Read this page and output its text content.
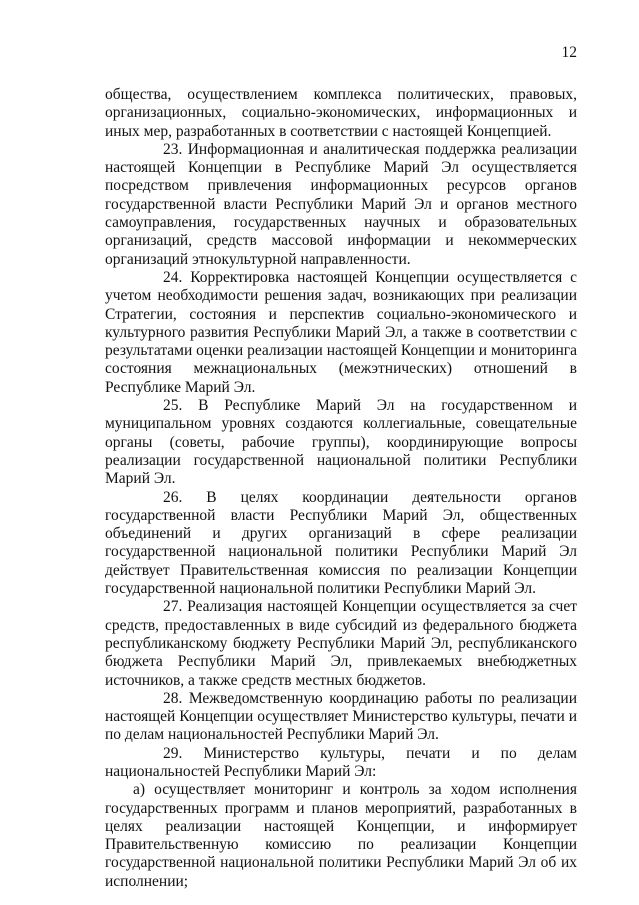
12

общества, осуществлением комплекса политических, правовых, организационных, социально-экономических, информационных и иных мер, разработанных в соответствии с настоящей Концепцией.

23. Информационная и аналитическая поддержка реализации настоящей Концепции в Республике Марий Эл осуществляется посредством привлечения информационных ресурсов органов государственной власти Республики Марий Эл и органов местного самоуправления, государственных научных и образовательных организаций, средств массовой информации и некоммерческих организаций этнокультурной направленности.

24. Корректировка настоящей Концепции осуществляется с учетом необходимости решения задач, возникающих при реализации Стратегии, состояния и перспектив социально-экономического и культурного развития Республики Марий Эл, а также в соответствии с результатами оценки реализации настоящей Концепции и мониторинга состояния межнациональных (межэтнических) отношений в Республике Марий Эл.

25. В Республике Марий Эл на государственном и муниципальном уровнях создаются коллегиальные, совещательные органы (советы, рабочие группы), координирующие вопросы реализации государственной национальной политики Республики Марий Эл.

26. В целях координации деятельности органов государственной власти Республики Марий Эл, общественных объединений и других организаций в сфере реализации государственной национальной политики Республики Марий Эл действует Правительственная комиссия по реализации Концепции государственной национальной политики Республики Марий Эл.

27. Реализация настоящей Концепции осуществляется за счет средств, предоставленных в виде субсидий из федерального бюджета республиканскому бюджету Республики Марий Эл, республиканского бюджета Республики Марий Эл, привлекаемых внебюджетных источников, а также средств местных бюджетов.

28. Межведомственную координацию работы по реализации настоящей Концепции осуществляет Министерство культуры, печати и по делам национальностей Республики Марий Эл.

29. Министерство культуры, печати и по делам национальностей Республики Марий Эл:

а) осуществляет мониторинг и контроль за ходом исполнения государственных программ и планов мероприятий, разработанных в целях реализации настоящей Концепции, и информирует Правительственную комиссию по реализации Концепции государственной национальной политики Республики Марий Эл об их исполнении;
